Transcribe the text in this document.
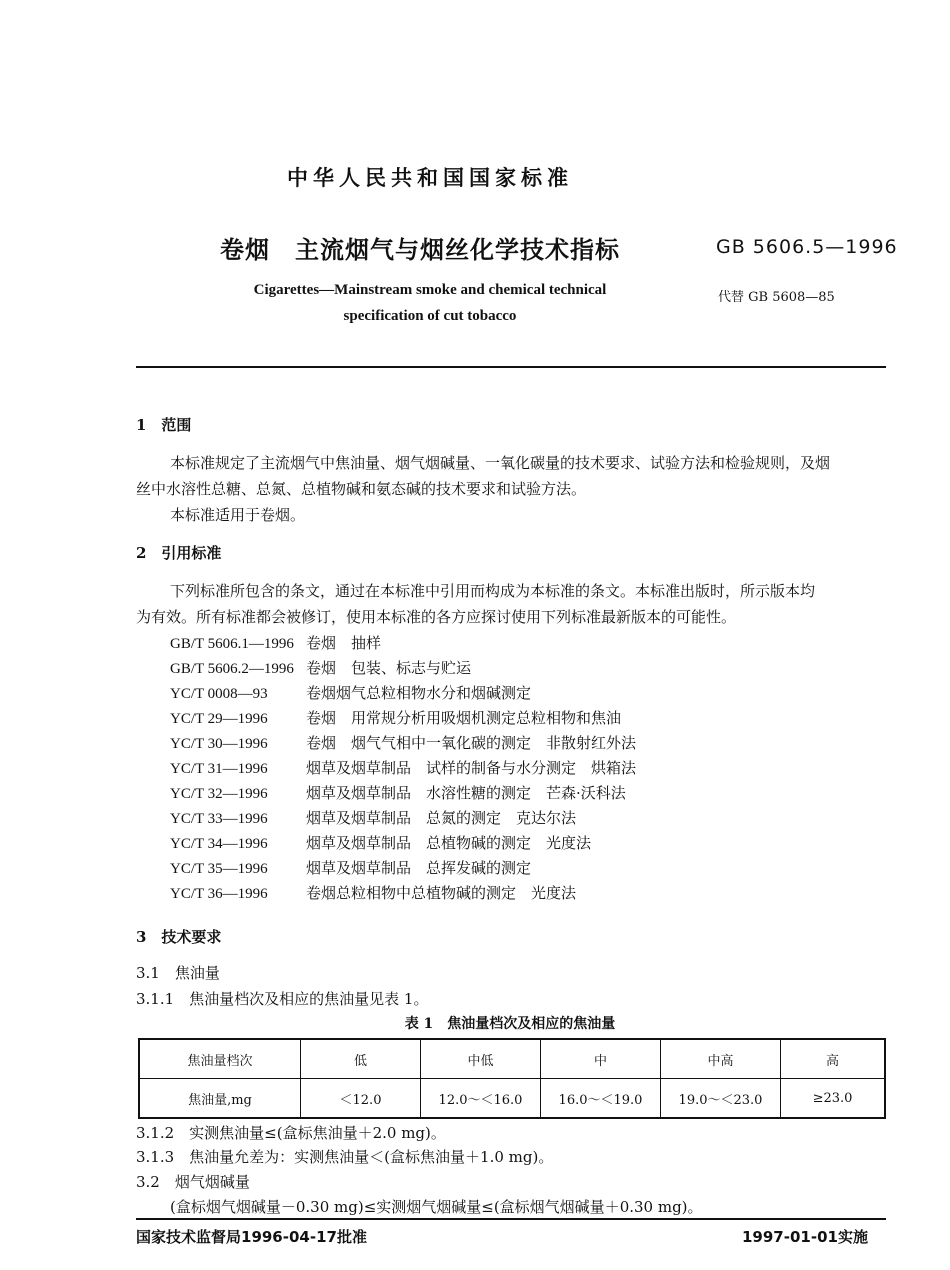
中华人民共和国国家标准
卷烟　主流烟气与烟丝化学技术指标	GB 5606.5—1996
Cigarettes—Mainstream smoke and chemical technical
specification of cut tobacco
代替 GB 5608—85
1　范围
本标准规定了主流烟气中焦油量、烟气烟碱量、一氧化碳量的技术要求、试验方法和检验规则，及烟
丝中水溶性总糖、总氮、总植物碱和氨态碱的技术要求和试验方法。
本标准适用于卷烟。
2　引用标准
下列标准所包含的条文，通过在本标准中引用而构成为本标准的条文。本标准出版时，所示版本均
为有效。所有标准都会被修订，使用本标准的各方应探讨使用下列标准最新版本的可能性。
GB/T 5606.1—1996 卷烟　抽样
GB/T 5606.2—1996 卷烟　包装、标志与贮运
YC/T 0008—93	卷烟烟气总粒相物水分和烟碱测定
YC/T 29—1996	卷烟　用常规分析用吸烟机测定总粒相物和焦油
YC/T 30—1996	卷烟　烟气气相中一氧化碳的测定　非散射红外法
YC/T 31—1996	烟草及烟草制品　试样的制备与水分测定　烘箱法
YC/T 32—1996	烟草及烟草制品　水溶性糖的测定　芒森·沃科法
YC/T 33—1996	烟草及烟草制品　总氮的测定　克达尔法
YC/T 34—1996	烟草及烟草制品　总植物碱的测定　光度法
YC/T 35—1996	烟草及烟草制品　总挥发碱的测定
YC/T 36—1996	卷烟总粒相物中总植物碱的测定　光度法
3　技术要求
3.1　焦油量
3.1.1　焦油量档次及相应的焦油量见表 1。
表 1　焦油量档次及相应的焦油量
焦油量档次	低	中低	中	中高	高
焦油量,mg	＜12.0	12.0～＜16.0	16.0～＜19.0	19.0～＜23.0	≥23.0
3.1.2　实测焦油量≤(盒标焦油量＋2.0 mg)。
3.1.3　焦油量允差为：实测焦油量＜(盒标焦油量＋1.0 mg)。
3.2　烟气烟碱量
(盒标烟气烟碱量－0.30 mg)≤实测烟气烟碱量≤(盒标烟气烟碱量＋0.30 mg)。
国家技术监督局1996-04-17批准	1997-01-01实施
